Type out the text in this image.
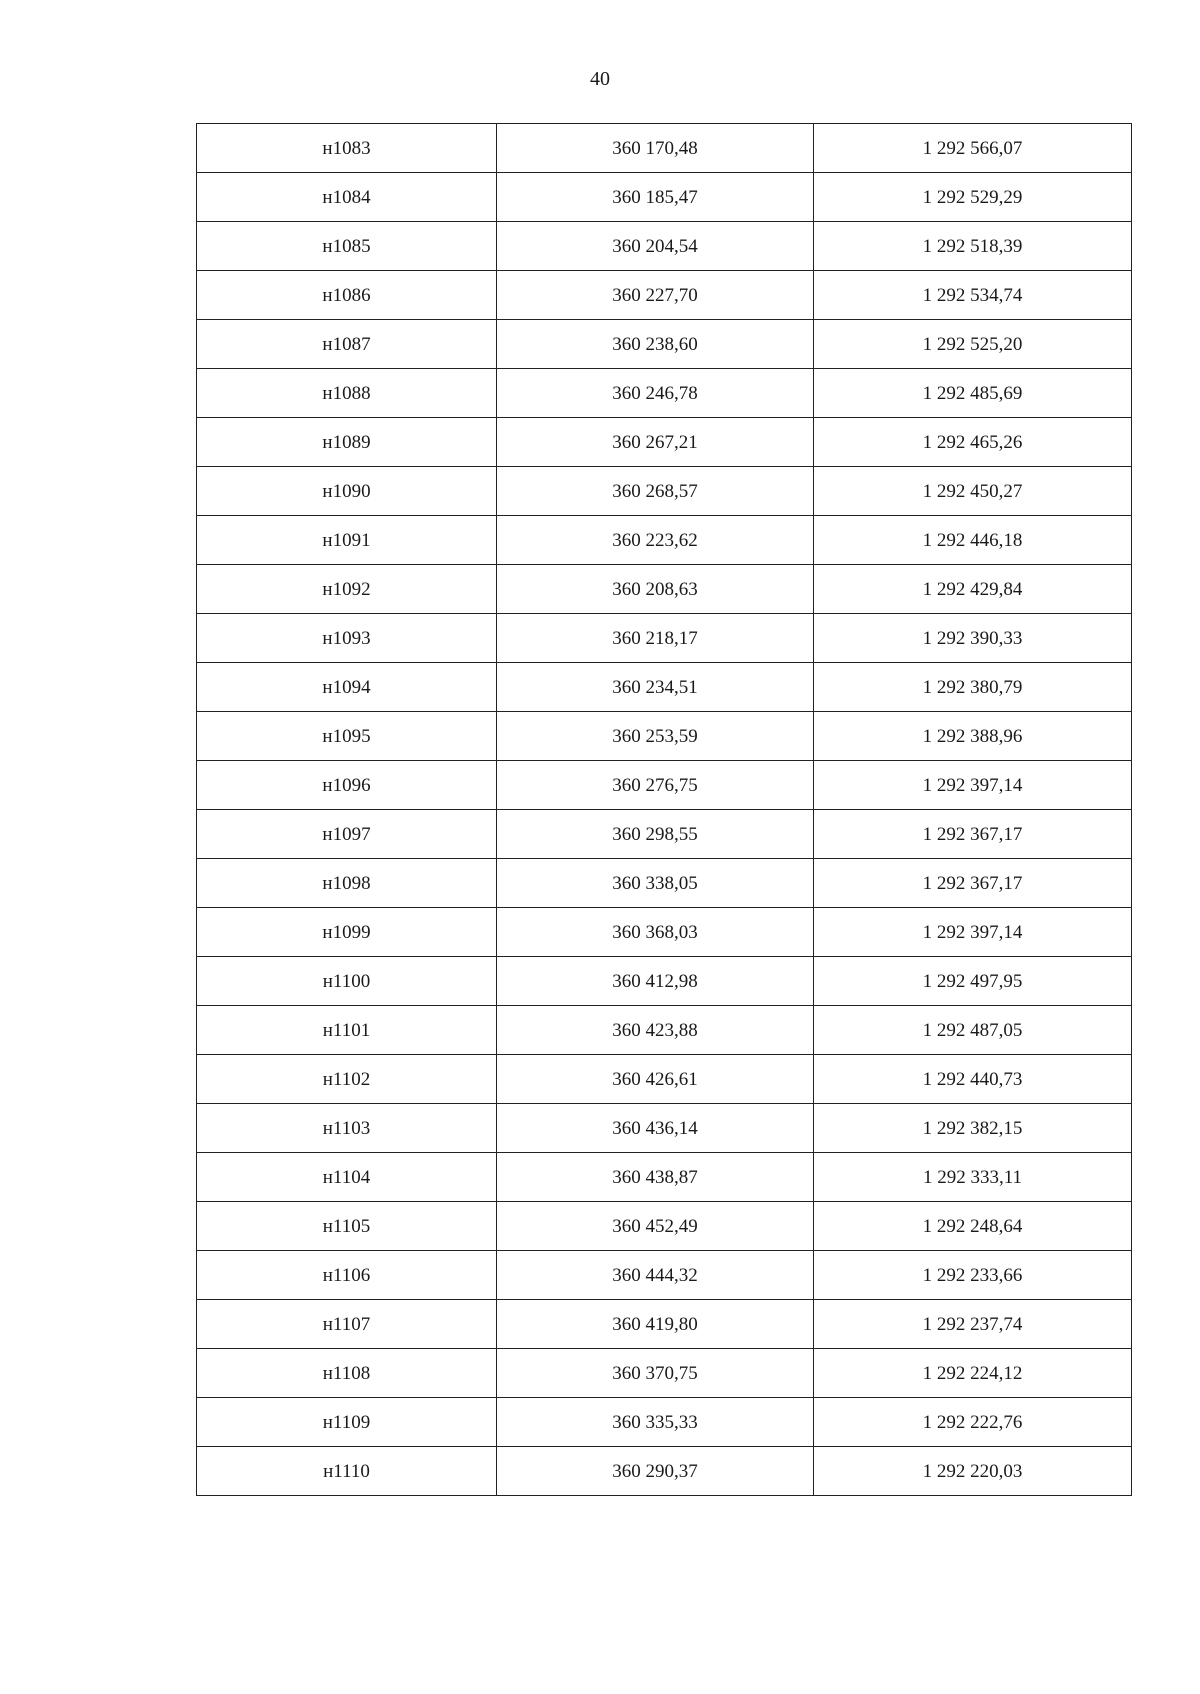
40
н1083	360 170,48	1 292 566,07
н1084	360 185,47	1 292 529,29
н1085	360 204,54	1 292 518,39
н1086	360 227,70	1 292 534,74
н1087	360 238,60	1 292 525,20
н1088	360 246,78	1 292 485,69
н1089	360 267,21	1 292 465,26
н1090	360 268,57	1 292 450,27
н1091	360 223,62	1 292 446,18
н1092	360 208,63	1 292 429,84
н1093	360 218,17	1 292 390,33
н1094	360 234,51	1 292 380,79
н1095	360 253,59	1 292 388,96
н1096	360 276,75	1 292 397,14
н1097	360 298,55	1 292 367,17
н1098	360 338,05	1 292 367,17
н1099	360 368,03	1 292 397,14
н1100	360 412,98	1 292 497,95
н1101	360 423,88	1 292 487,05
н1102	360 426,61	1 292 440,73
н1103	360 436,14	1 292 382,15
н1104	360 438,87	1 292 333,11
н1105	360 452,49	1 292 248,64
н1106	360 444,32	1 292 233,66
н1107	360 419,80	1 292 237,74
н1108	360 370,75	1 292 224,12
н1109	360 335,33	1 292 222,76
н1110	360 290,37	1 292 220,03
